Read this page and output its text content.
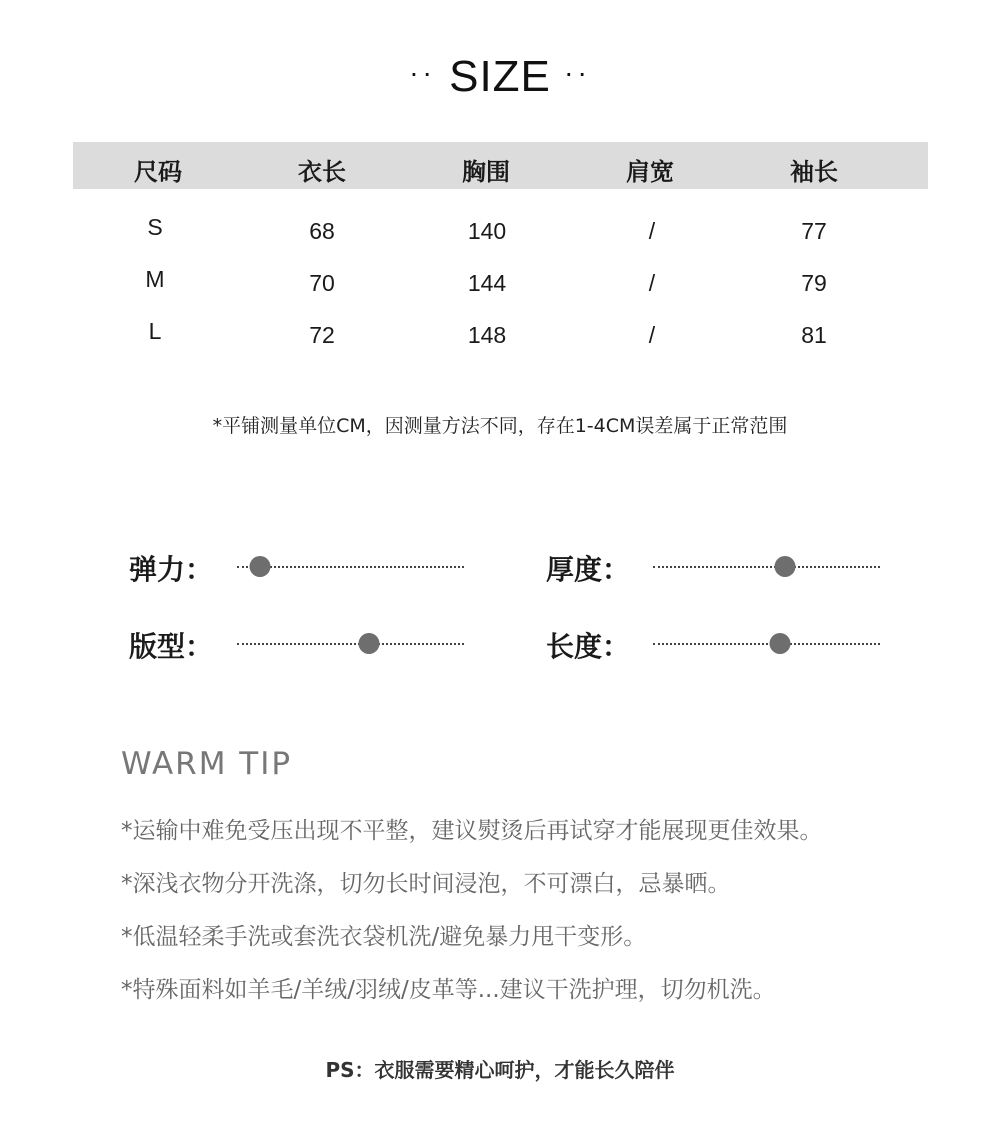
·· SIZE ··
尺码	衣长	胸围	肩宽	袖长
S	68	140	/	77
M	70	144	/	79
L	72	148	/	81
*平铺测量单位CM，因测量方法不同，存在1-4CM误差属于正常范围
弹力：	厚度：
版型：	长度：
WARM TIP
*运输中难免受压出现不平整，建议熨烫后再试穿才能展现更佳效果。
*深浅衣物分开洗涤，切勿长时间浸泡，不可漂白，忌暴晒。
*低温轻柔手洗或套洗衣袋机洗/避免暴力甩干变形。
*特殊面料如羊毛/羊绒/羽绒/皮革等...建议干洗护理，切勿机洗。
PS：衣服需要精心呵护，才能长久陪伴
